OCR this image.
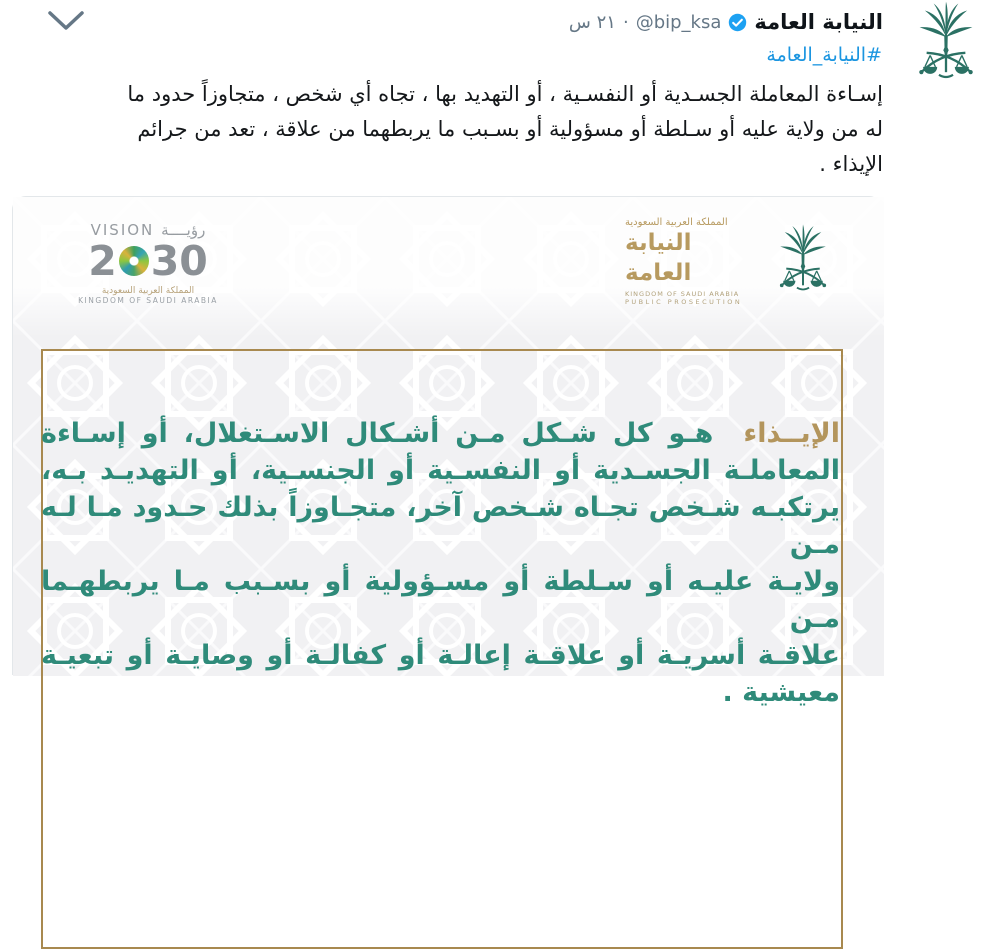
النيابة العامة
@bip_ksa
·
٢١ س
#النيابة_العامة
إسـاءة المعاملة الجسـدية أو النفسـية ، أو التهديد بها ، تجاه أي شخص ، متجاوزاً حدود ما
له من ولاية عليه أو سـلطة أو مسؤولية أو بسـبب ما يربطهما من علاقة ، تعد من جرائم
الإيذاء .
VISION رؤيــــة
2 30
المملكة العربية السعودية
KINGDOM OF SAUDI ARABIA
المملكة العربية السعودية
النيابة العامة
KINGDOM OF SAUDI ARABIA
PUBLIC PROSECUTION
الإيــذاءهـو كل شـكل مـن أشـكال الاسـتغلال، أو إسـاءة
المعاملـة الجسـدية أو النفسـية أو الجنسـية، أو التهديـد بـه،
يرتكبـه شـخص تجـاه شـخص آخر، متجـاوزاً بذلك حـدود مـا لـه مـن
ولايـة عليـه أو سـلطة أو مسـؤولية أو بسـبب مـا يربطهـما مـن
علاقـة أسريـة أو علاقـة إعالـة أو كفالـة أو وصايـة أو تبعيـة
معيشية .
